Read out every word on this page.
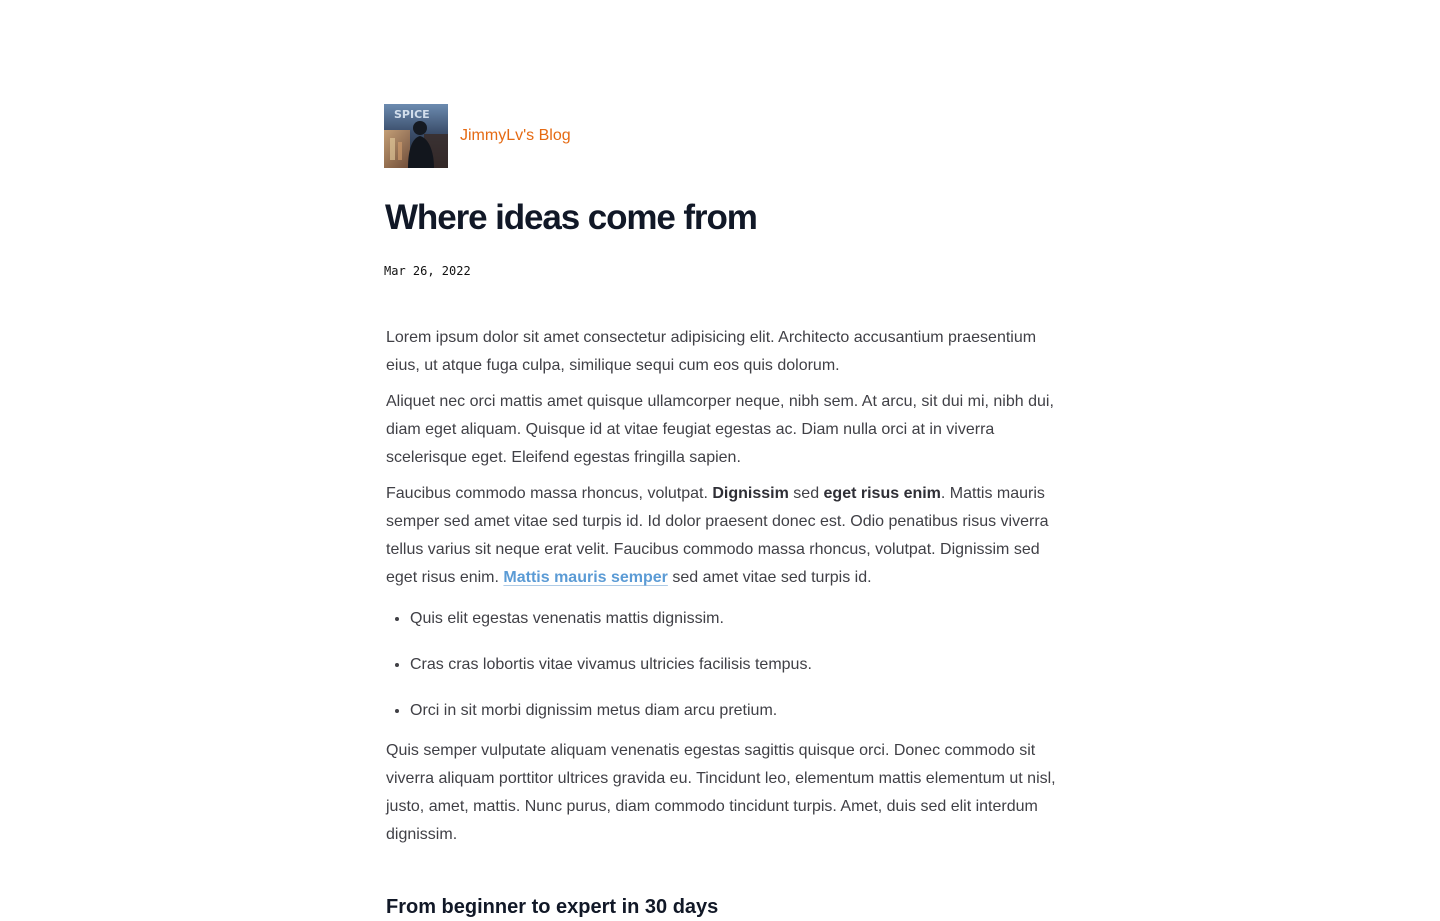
SPICE
JimmyLv's Blog
Where ideas come from
Mar 26, 2022

Lorem ipsum dolor sit amet consectetur adipisicing elit. Architecto accusantium praesentium eius, ut atque fuga culpa, similique sequi cum eos quis dolorum.

Aliquet nec orci mattis amet quisque ullamcorper neque, nibh sem. At arcu, sit dui mi, nibh dui, diam eget aliquam. Quisque id at vitae feugiat egestas ac. Diam nulla orci at in viverra scelerisque eget. Eleifend egestas fringilla sapien.

Faucibus commodo massa rhoncus, volutpat. Dignissim sed eget risus enim. Mattis mauris semper sed amet vitae sed turpis id. Id dolor praesent donec est. Odio penatibus risus viverra tellus varius sit neque erat velit. Faucibus commodo massa rhoncus, volutpat. Dignissim sed eget risus enim. Mattis mauris semper sed amet vitae sed turpis id.

• Quis elit egestas venenatis mattis dignissim.
• Cras cras lobortis vitae vivamus ultricies facilisis tempus.
• Orci in sit morbi dignissim metus diam arcu pretium.

Quis semper vulputate aliquam venenatis egestas sagittis quisque orci. Donec commodo sit viverra aliquam porttitor ultrices gravida eu. Tincidunt leo, elementum mattis elementum ut nisl, justo, amet, mattis. Nunc purus, diam commodo tincidunt turpis. Amet, duis sed elit interdum dignissim.

From beginner to expert in 30 days
